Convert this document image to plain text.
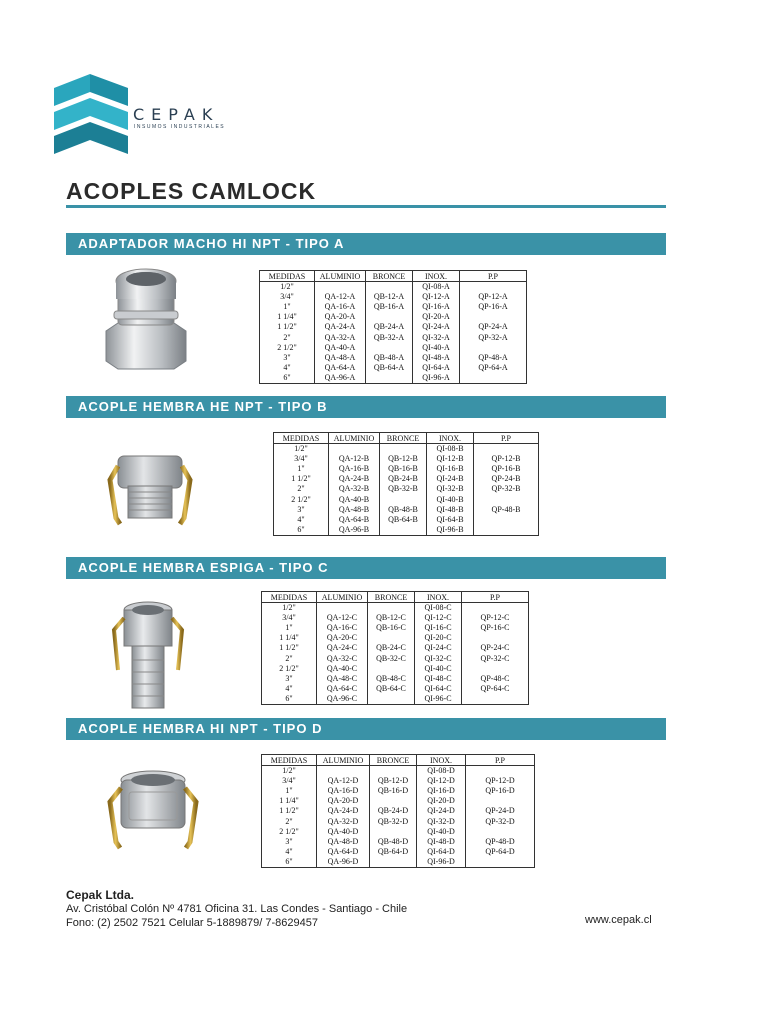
CEPAK
INSUMOS INDUSTRIALES
ACOPLES CAMLOCK
ADAPTADOR MACHO HI NPT - TIPO A
MEDIDAS	ALUMINIO	BRONCE	INOX.	P.P
1/2"			QI-08-A	
3/4"	QA-12-A	QB-12-A	QI-12-A	QP-12-A
1"	QA-16-A	QB-16-A	QI-16-A	QP-16-A
1 1/4"	QA-20-A		QI-20-A	
1 1/2"	QA-24-A	QB-24-A	QI-24-A	QP-24-A
2"	QA-32-A	QB-32-A	QI-32-A	QP-32-A
2 1/2"	QA-40-A		QI-40-A	
3"	QA-48-A	QB-48-A	QI-48-A	QP-48-A
4"	QA-64-A	QB-64-A	QI-64-A	QP-64-A
6"	QA-96-A		QI-96-A	
ACOPLE HEMBRA HE NPT - TIPO B
MEDIDAS	ALUMINIO	BRONCE	INOX.	P.P
1/2"			QI-08-B	
3/4"	QA-12-B	QB-12-B	QI-12-B	QP-12-B
1"	QA-16-B	QB-16-B	QI-16-B	QP-16-B
1 1/2"	QA-24-B	QB-24-B	QI-24-B	QP-24-B
2"	QA-32-B	QB-32-B	QI-32-B	QP-32-B
2 1/2"	QA-40-B		QI-40-B	
3"	QA-48-B	QB-48-B	QI-48-B	QP-48-B
4"	QA-64-B	QB-64-B	QI-64-B	
6"	QA-96-B		QI-96-B	
ACOPLE HEMBRA ESPIGA - TIPO C
MEDIDAS	ALUMINIO	BRONCE	INOX.	P.P
1/2"			QI-08-C	
3/4"	QA-12-C	QB-12-C	QI-12-C	QP-12-C
1"	QA-16-C	QB-16-C	QI-16-C	QP-16-C
1 1/4"	QA-20-C		QI-20-C	
1 1/2"	QA-24-C	QB-24-C	QI-24-C	QP-24-C
2"	QA-32-C	QB-32-C	QI-32-C	QP-32-C
2 1/2"	QA-40-C		QI-40-C	
3"	QA-48-C	QB-48-C	QI-48-C	QP-48-C
4"	QA-64-C	QB-64-C	QI-64-C	QP-64-C
6"	QA-96-C		QI-96-C	
ACOPLE HEMBRA HI NPT - TIPO D
MEDIDAS	ALUMINIO	BRONCE	INOX.	P.P
1/2"			QI-08-D	
3/4"	QA-12-D	QB-12-D	QI-12-D	QP-12-D
1"	QA-16-D	QB-16-D	QI-16-D	QP-16-D
1 1/4"	QA-20-D		QI-20-D	
1 1/2"	QA-24-D	QB-24-D	QI-24-D	QP-24-D
2"	QA-32-D	QB-32-D	QI-32-D	QP-32-D
2 1/2"	QA-40-D		QI-40-D	
3"	QA-48-D	QB-48-D	QI-48-D	QP-48-D
4"	QA-64-D	QB-64-D	QI-64-D	QP-64-D
6"	QA-96-D		QI-96-D	
Cepak Ltda.
Av. Cristóbal Colón Nº 4781 Oficina 31. Las Condes - Santiago - Chile
Fono: (2) 2502 7521 Celular 5-1889879/ 7-8629457	www.cepak.cl
